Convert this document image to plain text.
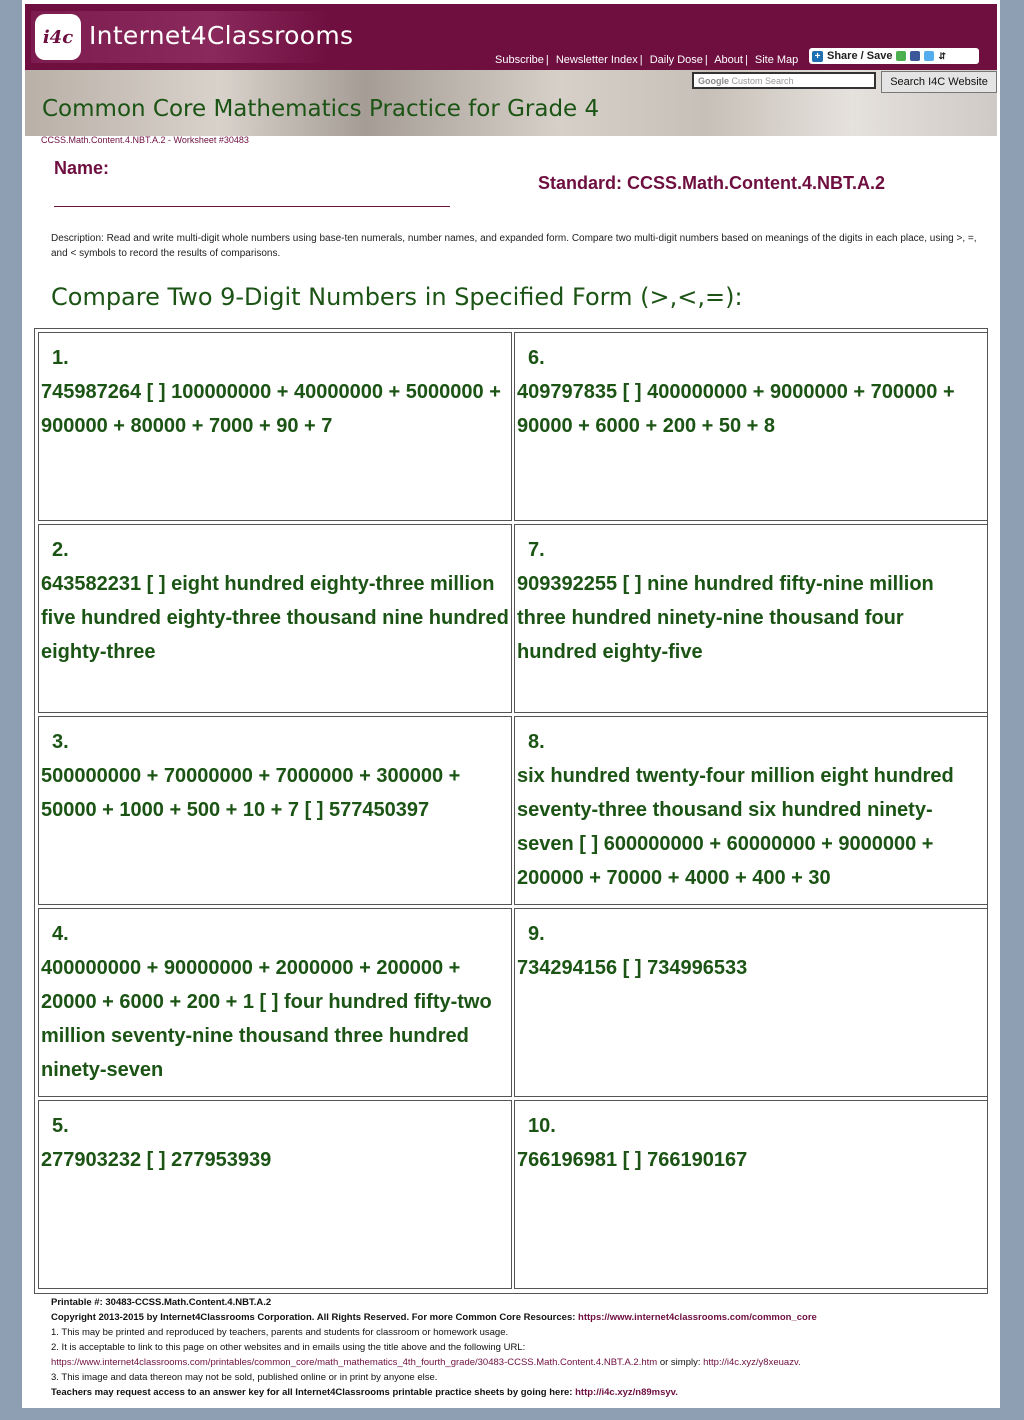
i4c Internet4Classrooms
Subscribe | Newsletter Index | Daily Dose | About | Site Map + Share / Save	⇵
Google Custom Search	Search I4C Website
Common Core Mathematics Practice for Grade 4
CCSS.Math.Content.4.NBT.A.2 - Worksheet #30483
Name:
Standard: CCSS.Math.Content.4.NBT.A.2
Description: Read and write multi-digit whole numbers using base-ten numerals, number names, and expanded form. Compare two multi-digit numbers based on meanings of the digits in each place, using >, =, and < symbols to record the results of comparisons.
Compare Two 9-Digit Numbers in Specified Form (>,<,=):
1.
745987264 [ ] 100000000 + 40000000 + 5000000 + 900000 + 80000 + 7000 + 90 + 7
6.
409797835 [ ] 400000000 + 9000000 + 700000 + 90000 + 6000 + 200 + 50 + 8
2.
643582231 [ ] eight hundred eighty-three million five hundred eighty-three thousand nine hundred eighty-three
7.
909392255 [ ] nine hundred fifty-nine million three hundred ninety-nine thousand four hundred eighty-five
3.
500000000 + 70000000 + 7000000 + 300000 + 50000 + 1000 + 500 + 10 + 7 [ ] 577450397
8.
six hundred twenty-four million eight hundred seventy-three thousand six hundred ninety-seven [ ] 600000000 + 60000000 + 9000000 + 200000 + 70000 + 4000 + 400 + 30
4.
400000000 + 90000000 + 2000000 + 200000 + 20000 + 6000 + 200 + 1 [ ] four hundred fifty-two million seventy-nine thousand three hundred ninety-seven
9.
734294156 [ ] 734996533
5.
277903232 [ ] 277953939
10.
766196981 [ ] 766190167
Printable #: 30483-CCSS.Math.Content.4.NBT.A.2
Copyright 2013-2015 by Internet4Classrooms Corporation. All Rights Reserved. For more Common Core Resources: https://www.internet4classrooms.com/common_core
1. This may be printed and reproduced by teachers, parents and students for classroom or homework usage.
2. It is acceptable to link to this page on other websites and in emails using the title above and the following URL:
https://www.internet4classrooms.com/printables/common_core/math_mathematics_4th_fourth_grade/30483-CCSS.Math.Content.4.NBT.A.2.htm or simply: http://i4c.xyz/y8xeuazv.
3. This image and data thereon may not be sold, published online or in print by anyone else.
Teachers may request access to an answer key for all Internet4Classrooms printable practice sheets by going here: http://i4c.xyz/n89msyv.
